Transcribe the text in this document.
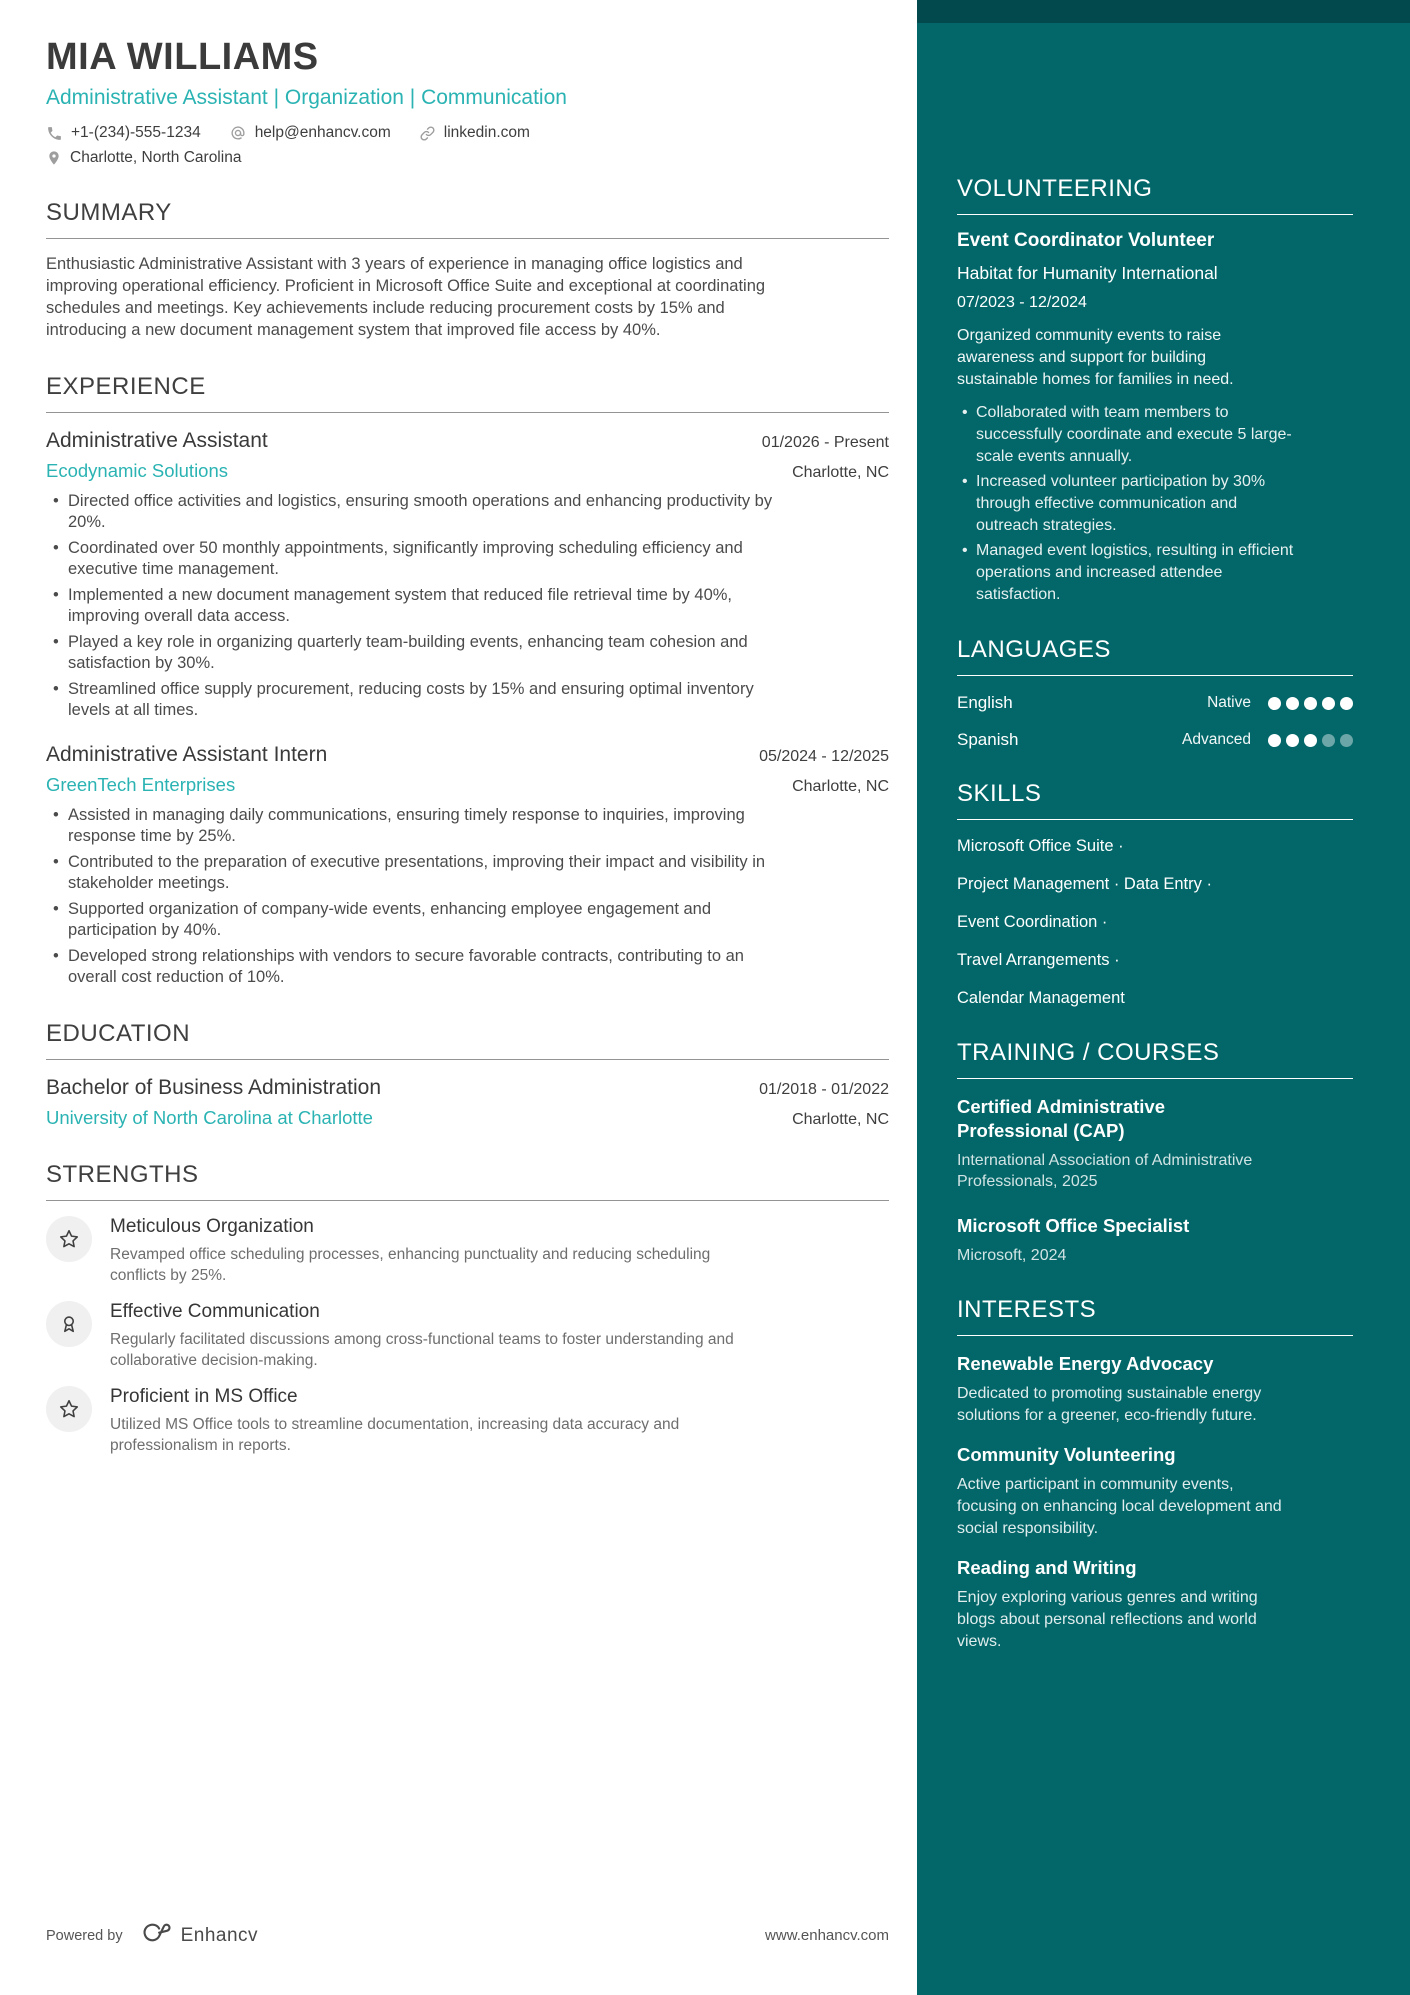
MIA WILLIAMS
Administrative Assistant | Organization | Communication
+1-(234)-555-1234	help@enhancv.com	linkedin.com
Charlotte, North Carolina
SUMMARY

Enthusiastic Administrative Assistant with 3 years of experience in managing office logistics and improving operational efficiency. Proficient in Microsoft Office Suite and exceptional at coordinating schedules and meetings. Key achievements include reducing procurement costs by 15% and introducing a new document management system that improved file access by 40%.

EXPERIENCE
Administrative Assistant	01/2026 - Present
Ecodynamic Solutions	Charlotte, NC
• Directed office activities and logistics, ensuring smooth operations and enhancing productivity by 20%.
• Coordinated over 50 monthly appointments, significantly improving scheduling efficiency and executive time management.
• Implemented a new document management system that reduced file retrieval time by 40%, improving overall data access.
• Played a key role in organizing quarterly team-building events, enhancing team cohesion and satisfaction by 30%.
• Streamlined office supply procurement, reducing costs by 15% and ensuring optimal inventory levels at all times.
Administrative Assistant Intern	05/2024 - 12/2025
GreenTech Enterprises	Charlotte, NC
• Assisted in managing daily communications, ensuring timely response to inquiries, improving response time by 25%.
• Contributed to the preparation of executive presentations, improving their impact and visibility in stakeholder meetings.
• Supported organization of company-wide events, enhancing employee engagement and participation by 40%.
• Developed strong relationships with vendors to secure favorable contracts, contributing to an overall cost reduction of 10%.
EDUCATION
Bachelor of Business Administration	01/2018 - 01/2022
University of North Carolina at Charlotte	Charlotte, NC
STRENGTHS
Meticulous Organization
Revamped office scheduling processes, enhancing punctuality and reducing scheduling conflicts by 25%.
Effective Communication
Regularly facilitated discussions among cross-functional teams to foster understanding and collaborative decision-making.
Proficient in MS Office
Utilized MS Office tools to streamline documentation, increasing data accuracy and professionalism in reports.
Powered by	Enhancv	www.enhancv.com
VOLUNTEERING
Event Coordinator Volunteer
Habitat for Humanity International
07/2023 - 12/2024

Organized community events to raise awareness and support for building sustainable homes for families in need.

• Collaborated with team members to successfully coordinate and execute 5 large-scale events annually.
• Increased volunteer participation by 30% through effective communication and outreach strategies.
• Managed event logistics, resulting in efficient operations and increased attendee satisfaction.
LANGUAGES
English	Native
Spanish	Advanced
SKILLS
Microsoft Office Suite ·
Project Management · Data Entry ·
Event Coordination ·
Travel Arrangements ·
Calendar Management
TRAINING / COURSES
Certified Administrative Professional (CAP)
International Association of Administrative Professionals, 2025
Microsoft Office Specialist
Microsoft, 2024
INTERESTS
Renewable Energy Advocacy
Dedicated to promoting sustainable energy solutions for a greener, eco-friendly future.
Community Volunteering
Active participant in community events, focusing on enhancing local development and social responsibility.
Reading and Writing
Enjoy exploring various genres and writing blogs about personal reflections and world views.
